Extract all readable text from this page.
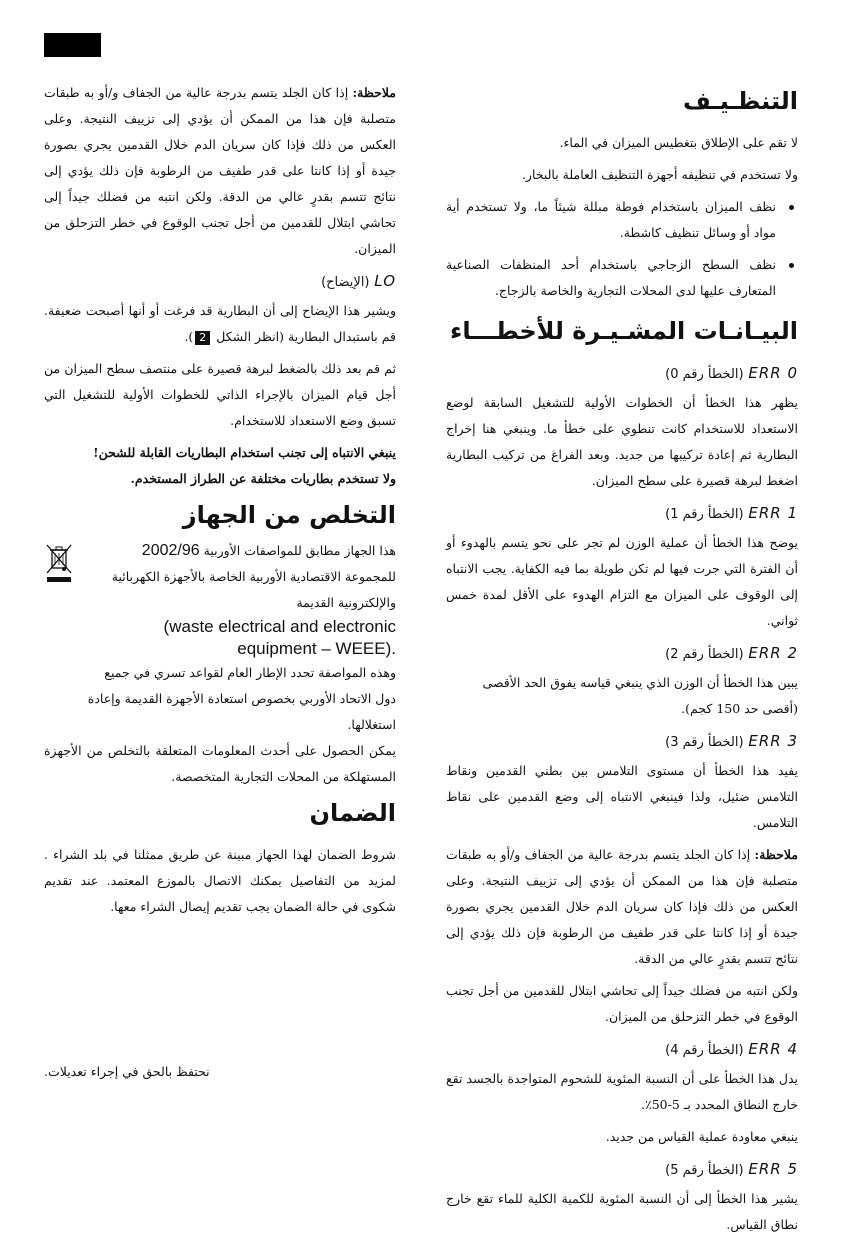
ملاحظة: إذا كان الجلد يتسم بدرجة عالية من الجفاف و/أو به طبقات متصلبة فإن هذا من الممكن أن يؤدي إلى تزييف النتيجة. وعلى العكس من ذلك فإذا كان سريان الدم خلال القدمين يجري بصورة جيدة أو إذا كانتا على قدر طفيف من الرطوبة فإن ذلك يؤدي إلى نتائج تتسم بقدرٍ عالي من الدقة. ولكن انتبه من فضلك جيداً إلى تحاشي ابتلال للقدمين من أجل تجنب الوقوع في خطر التزحلق من الميزان.

LO (الإيضاح)

ويشير هذا الإيضاح إلى أن البطارية قد فرغت أو أنها أصبحت ضعيفة. قم باستبدال البطارية (انظر الشكل 2).

ثم قم بعد ذلك بالضغط لبرهة قصيرة على منتصف سطح الميزان من أجل قيام الميزان بالإجراء الذاتي للخطوات الأولية للتشغيل التي تسبق وضع الاستعداد للاستخدام.

ينبغي الانتباه إلى تجنب استخدام البطاريات القابلة للشحن!

ولا تستخدم بطاريات مختلفة عن الطراز المستخدم.

التخلص من الجهاز
هذا الجهاز مطابق للمواصفات الأوربية 2002/96
للمجموعة الاقتصادية الأوربية الخاصة بالأجهزة الكهربائية والإلكترونية القديمة
waste electrical and electronic)
.(equipment – WEEE
وهذه المواصفة تحدد الإطار العام لقواعد تسري في جميع دول الاتحاد الأوربي بخصوص استعادة الأجهزة القديمة وإعادة استغلالها.

يمكن الحصول على أحدث المعلومات المتعلقة بالتخلص من الأجهزة المستهلكة من المحلات التجارية المتخصصة.

الضمان

شروط الضمان لهذا الجهاز مبينة عن طريق ممثلنا في بلد الشراء . لمزيد من التفاصيل يمكنك الاتصال بالموزع المعتمد. عند تقديم شكوى في حالة الضمان يجب تقديم إيصال الشراء معها.

نحتفظ بالحق في إجراء تعديلات.
التنظـيـف

لا تقم على الإطلاق بتغطيس الميزان في الماء.

ولا تستخدم في تنظيفه أجهزة التنظيف العاملة بالبخار.

نظف الميزان باستخدام فوطة مبللة شيئاً ما، ولا تستخدم أية مواد أو وسائل تنظيف كاشطة.
نظف السطح الزجاجي باستخدام أحد المنظفات الصناعية المتعارف عليها لدى المحلات التجارية والخاصة بالزجاج.
البيـانـات المشـيـرة للأخطـــاء
ERR 0 (الخطأ رقم 0)

يظهر هذا الخطأ أن الخطوات الأولية للتشغيل السابقة لوضع الاستعداد للاستخدام كانت تنطوي على خطأ ما. وينبغي هنا إخراج البطارية ثم إعادة تركيبها من جديد. وبعد الفراغ من تركيب البطارية اضغط لبرهة قصيرة على سطح الميزان.

ERR 1 (الخطأ رقم 1)

يوضح هذا الخطأ أن عملية الوزن لم تجر على نحو يتسم بالهدوء أو أن الفترة التي جرت فيها لم تكن طويلة بما فيه الكفاية. يجب الانتباه إلى الوقوف على الميزان مع التزام الهدوء على الأقل لمدة خمس ثواني.

ERR 2 (الخطأ رقم 2)

يبين هذا الخطأ أن الوزن الذي ينبغي قياسه يفوق الحد الأقصى (أقصى حد 150 كجم).

ERR 3 (الخطأ رقم 3)

يفيد هذا الخطأ أن مستوى التلامس بين بطني القدمين ونقاط التلامس ضئيل، ولذا فينبغي الانتباه إلى وضع القدمين على نقاط التلامس.

ملاحظة: إذا كان الجلد يتسم بدرجة عالية من الجفاف و/أو به طبقات متصلبة فإن هذا من الممكن أن يؤدي إلى تزييف النتيجة. وعلى العكس من ذلك فإذا كان سريان الدم خلال القدمين يجري بصورة جيدة أو إذا كانتا على قدر طفيف من الرطوبة فإن ذلك يؤدي إلى نتائج تتسم بقدرٍ عالي من الدقة.

ولكن انتبه من فضلك جيداً إلى تحاشي ابتلال للقدمين من أجل تجنب الوقوع في خطر التزحلق من الميزان.

ERR 4 (الخطأ رقم 4)

يدل هذا الخطأ على أن النسبة المئوية للشحوم المتواجدة بالجسد تقع خارج النطاق المحدد بـ 5-50٪.

ينبغي معاودة عملية القياس من جديد.

ERR 5 (الخطأ رقم 5)

يشير هذا الخطأ إلى أن النسبة المئوية للكمية الكلية للماء تقع خارج نطاق القياس.
